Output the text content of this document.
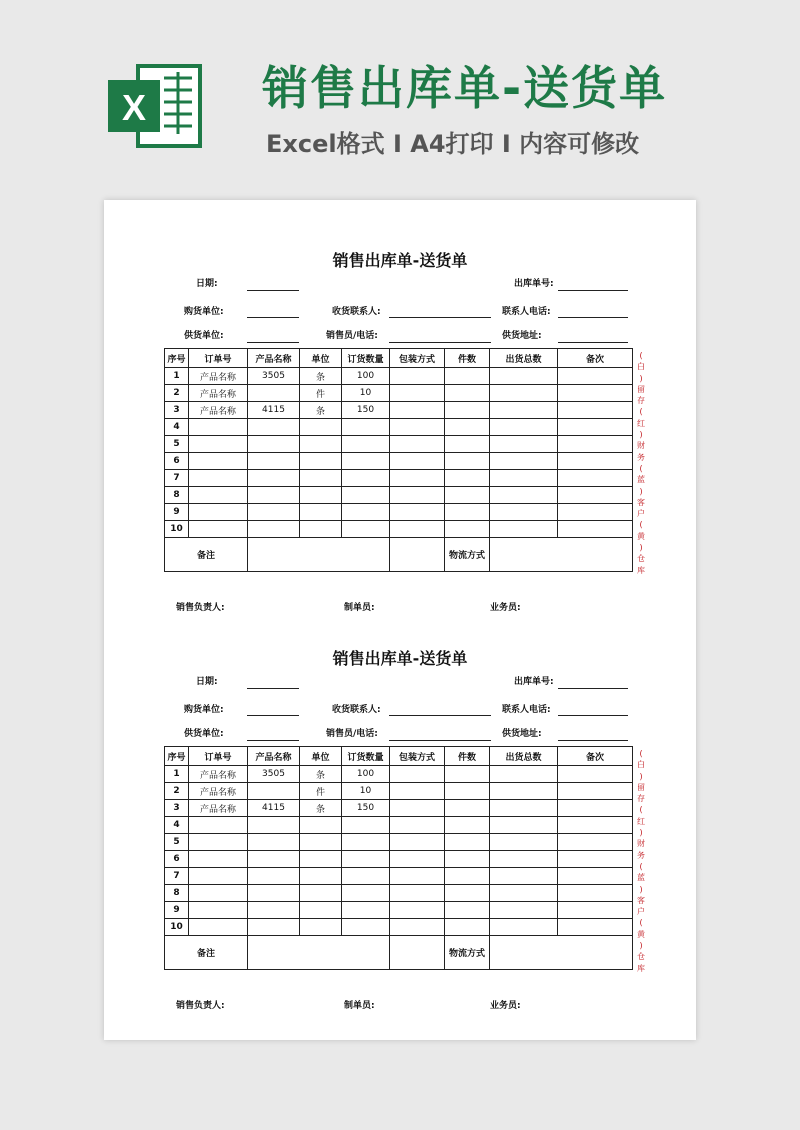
X	销售出库单-送货单
Excel格式 I A4打印 I 内容可修改
销售出库单-送货单
日期:	出库单号:
购货单位:	收货联系人:	联系人电话:
供货单位:	销售员/电话:	供货地址:
序号	订单号	产品名称	单位	订货数量	包装方式	件数	出货总数	备次
1	产品名称	3505	条	100				
2	产品名称		件	10				
3	产品名称	4115	条	150				
4								
5								
6								
7								
8								
9								
10								
备注						物流方式		
销售负责人:	制单员:	业务员:
(
白
)
留
存
(
红
)
财
务
(
蓝
)
客
户
(
黄
)
仓
库
销售出库单-送货单
日期:	出库单号:
购货单位:	收货联系人:	联系人电话:
供货单位:	销售员/电话:	供货地址:
序号	订单号	产品名称	单位	订货数量	包装方式	件数	出货总数	备次
1	产品名称	3505	条	100				
2	产品名称		件	10				
3	产品名称	4115	条	150				
4								
5								
6								
7								
8								
9								
10								
备注						物流方式		
销售负责人:	制单员:	业务员:
(
白
)
留
存
(
红
)
财
务
(
蓝
)
客
户
(
黄
)
仓
库
